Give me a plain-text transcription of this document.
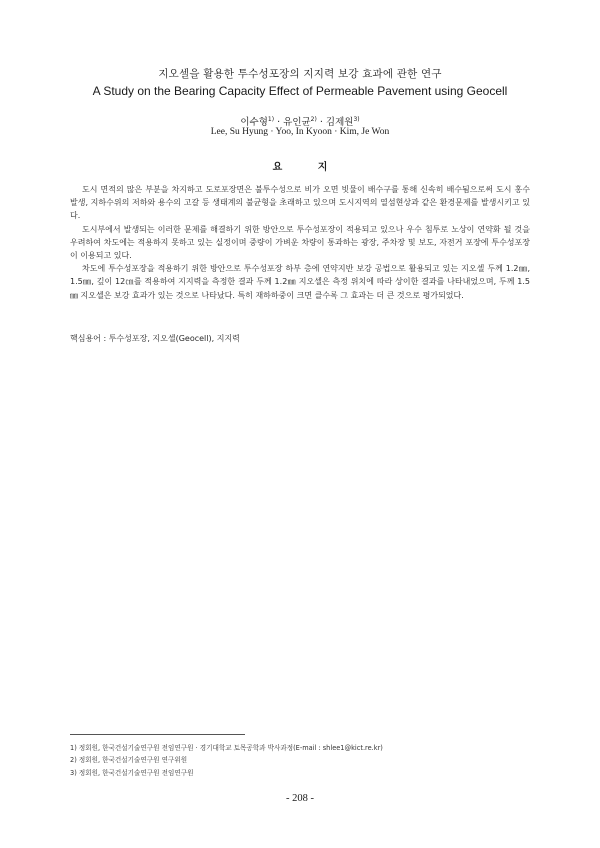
지오셀을 활용한 투수성포장의 지지력 보강 효과에 관한 연구
A Study on the Bearing Capacity Effect of Permeable Pavement using Geocell
이수형$^{1)}$ · 유인균$^{2)}$ · 김제원$^{3)}$
Lee, Su Hyung · Yoo, In Kyoon · Kim, Je Won
요 지

도시 면적의 많은 부분을 차지하고 도로포장면은 불투수성으로 비가 오면 빗물이 배수구를 통해 신속히 배수됨으로써 도시 홍수 발생, 지하수위의 저하와 용수의 고갈 등 생태계의 불균형을 초래하고 있으며 도시지역의 열섬현상과 같은 환경문제를 발생시키고 있다.

도시부에서 발생되는 이러한 문제를 해결하기 위한 방안으로 투수성포장이 적용되고 있으나 우수 침투로 노상이 연약화 될 것을 우려하여 차도에는 적용하지 못하고 있는 실정이며 중량이 가벼운 차량이 통과하는 광장, 주차장 및 보도, 자전거 포장에 투수성포장이 이용되고 있다.

차도에 투수성포장을 적용하기 위한 방안으로 투수성포장 하부 층에 연약지반 보강 공법으로 활용되고 있는 지오셀 두께 1.2㎜, 1.5㎜, 깊이 12㎝를 적용하여 지지력을 측정한 결과 두께 1.2㎜ 지오셀은 측정 위치에 따라 상이한 결과를 나타내었으며, 두께 1.5㎜ 지오셀은 보강 효과가 있는 것으로 나타났다. 특히 재하하중이 크면 클수록 그 효과는 더 큰 것으로 평가되었다.

핵심용어 : 투수성포장, 지오셀(Geocell), 지지력
1) 정회원, 한국건설기술연구원 전임연구원 · 경기대학교 토목공학과 박사과정(E-mail : shlee1@kict.re.kr)
2) 정회원, 한국건설기술연구원 연구위원
3) 정회원, 한국건설기술연구원 전임연구원
- 208 -
